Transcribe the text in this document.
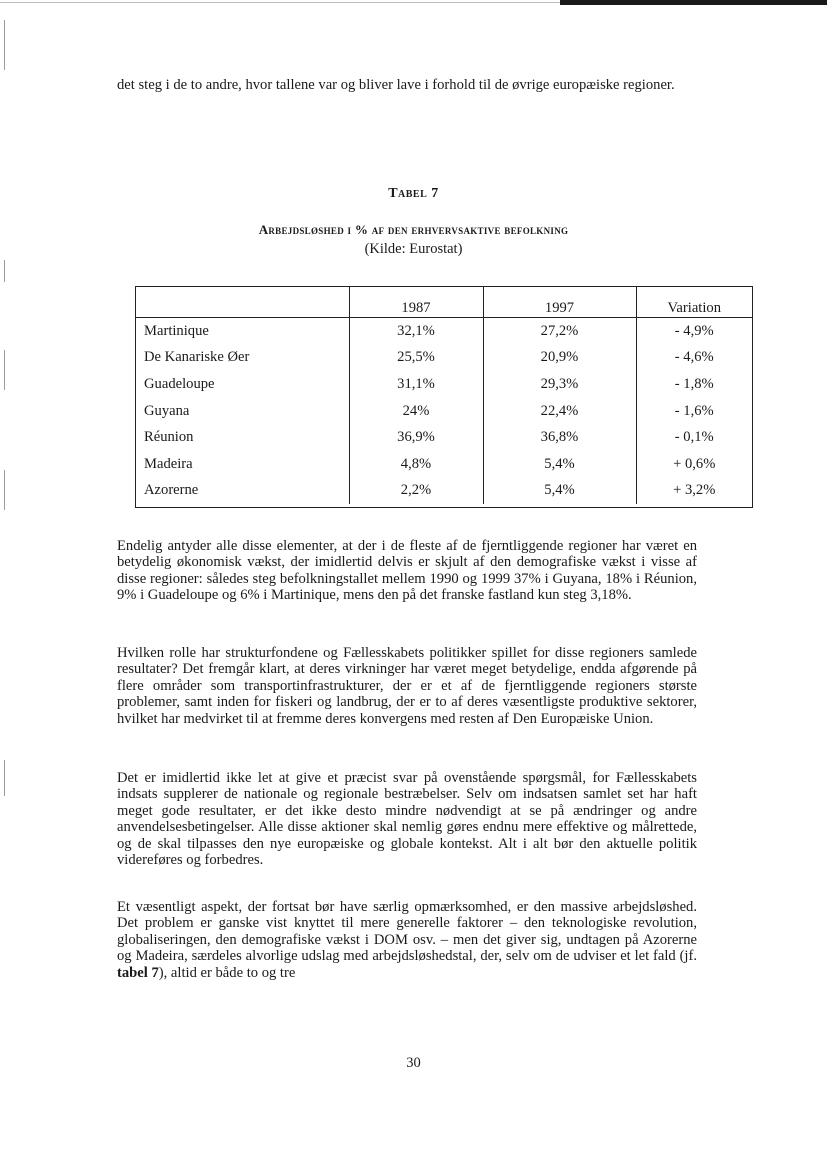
det steg i de to andre, hvor tallene var og bliver lave i forhold til de øvrige europæiske regioner.

Tabel 7

Arbejdsløshed i % af den erhvervsaktive befolkning

(Kilde: Eurostat)

	1987	1997	Variation
Martinique	32,1%	27,2%	- 4,9%
De Kanariske Øer	25,5%	20,9%	- 4,6%
Guadeloupe	31,1%	29,3%	- 1,8%
Guyana	24%	22,4%	- 1,6%
Réunion	36,9%	36,8%	- 0,1%
Madeira	4,8%	5,4%	+ 0,6%
Azorerne	2,2%	5,4%	+ 3,2%

Endelig antyder alle disse elementer, at der i de fleste af de fjerntliggende regioner har været en betydelig økonomisk vækst, der imidlertid delvis er skjult af den demografiske vækst i visse af disse regioner: således steg befolkningstallet mellem 1990 og 1999 37% i Guyana, 18% i Réunion, 9% i Guadeloupe og 6% i Martinique, mens den på det franske fastland kun steg 3,18%.

Hvilken rolle har strukturfondene og Fællesskabets politikker spillet for disse regioners samlede resultater? Det fremgår klart, at deres virkninger har været meget betydelige, endda afgørende på flere områder som transportinfrastrukturer, der er et af de fjerntliggende regioners største problemer, samt inden for fiskeri og landbrug, der er to af deres væsentligste produktive sektorer, hvilket har medvirket til at fremme deres konvergens med resten af Den Europæiske Union.

Det er imidlertid ikke let at give et præcist svar på ovenstående spørgsmål, for Fællesskabets indsats supplerer de nationale og regionale bestræbelser. Selv om indsatsen samlet set har haft meget gode resultater, er det ikke desto mindre nødvendigt at se på ændringer og andre anvendelsesbetingelser. Alle disse aktioner skal nemlig gøres endnu mere effektive og målrettede, og de skal tilpasses den nye europæiske og globale kontekst. Alt i alt bør den aktuelle politik videreføres og forbedres.

Et væsentligt aspekt, der fortsat bør have særlig opmærksomhed, er den massive arbejdsløshed. Det problem er ganske vist knyttet til mere generelle faktorer – den teknologiske revolution, globaliseringen, den demografiske vækst i DOM osv. – men det giver sig, undtagen på Azorerne og Madeira, særdeles alvorlige udslag med arbejdsløshedstal, der, selv om de udviser et let fald (jf. tabel 7), altid er både to og tre

30
